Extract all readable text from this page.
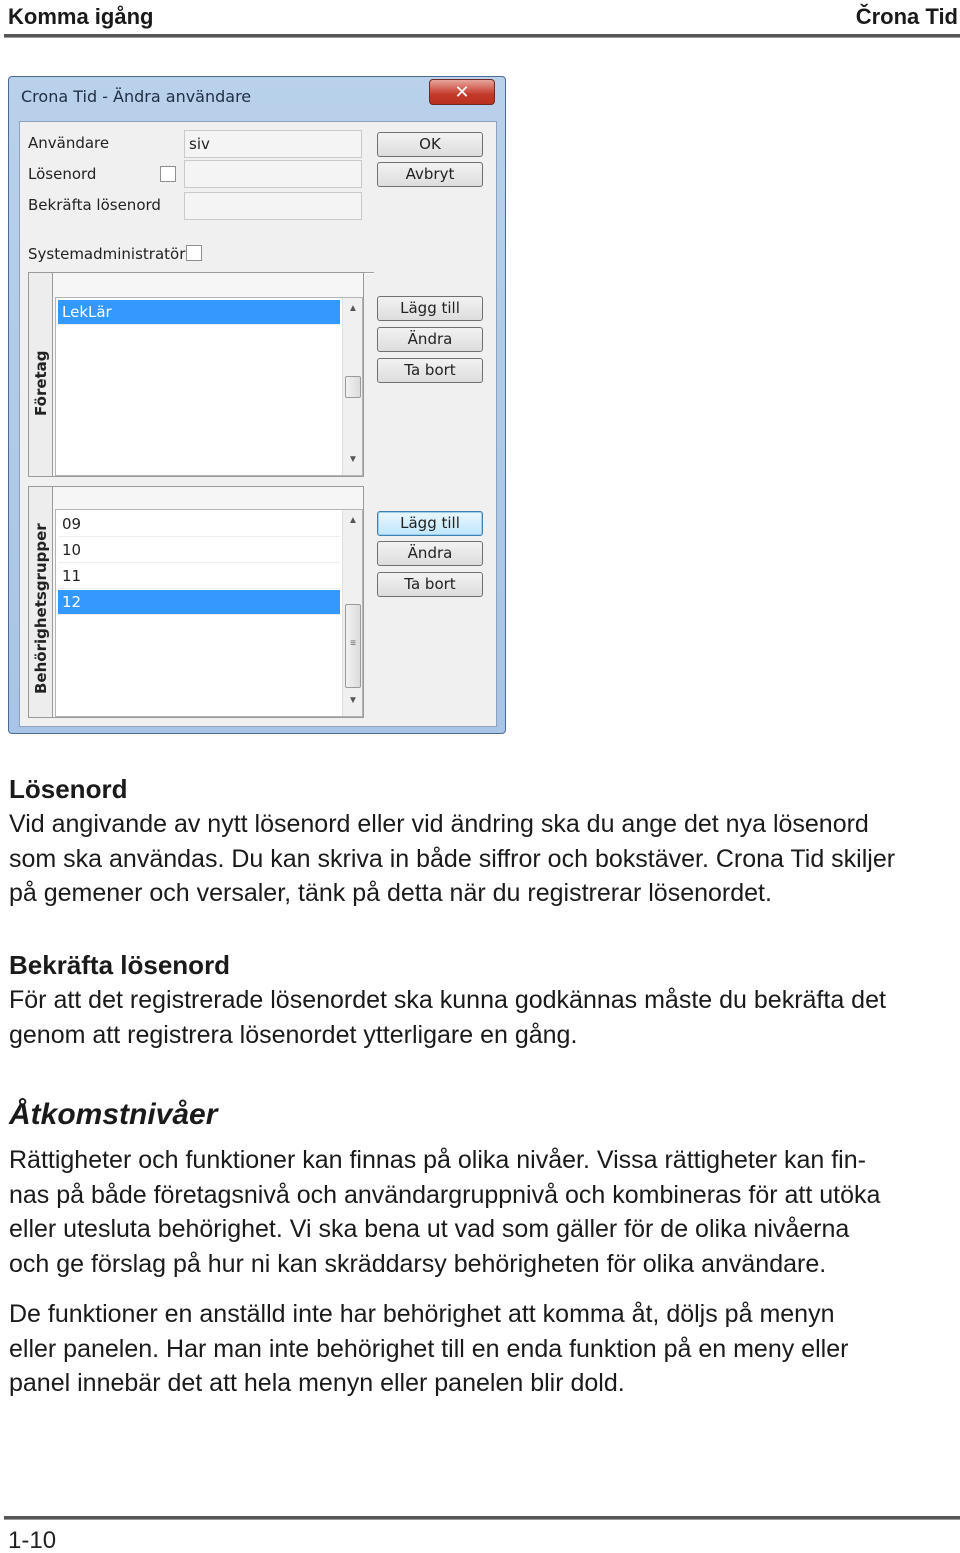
Komma igång	Črona Tid
Crona Tid - Ändra användare	✕
Användare	siv
Lösenord
Bekräfta lösenord
OK
Avbryt
Systemadministratör
Företag
LekLär	▲
▼
Lägg till
Ändra
Ta bort
Behörighetsgrupper 09
10
11
12
▲
≡
▼
Lägg till
Ändra
Ta bort
Lösenord
Vid angivande av nytt lösenord eller vid ändring ska du ange det nya lösenord
som ska användas. Du kan skriva in både siffror och bokstäver. Crona Tid skiljer
på gemener och versaler, tänk på detta när du registrerar lösenordet.
Bekräfta lösenord
För att det registrerade lösenordet ska kunna godkännas måste du bekräfta det
genom att registrera lösenordet ytterligare en gång.
Åtkomstnivåer
Rättigheter och funktioner kan finnas på olika nivåer. Vissa rättigheter kan fin-
nas på både företagsnivå och användargruppnivå och kombineras för att utöka
eller utesluta behörighet. Vi ska bena ut vad som gäller för de olika nivåerna
och ge förslag på hur ni kan skräddarsy behörigheten för olika användare.
De funktioner en anställd inte har behörighet att komma åt, döljs på menyn
eller panelen. Har man inte behörighet till en enda funktion på en meny eller
panel innebär det att hela menyn eller panelen blir dold.
1-10
